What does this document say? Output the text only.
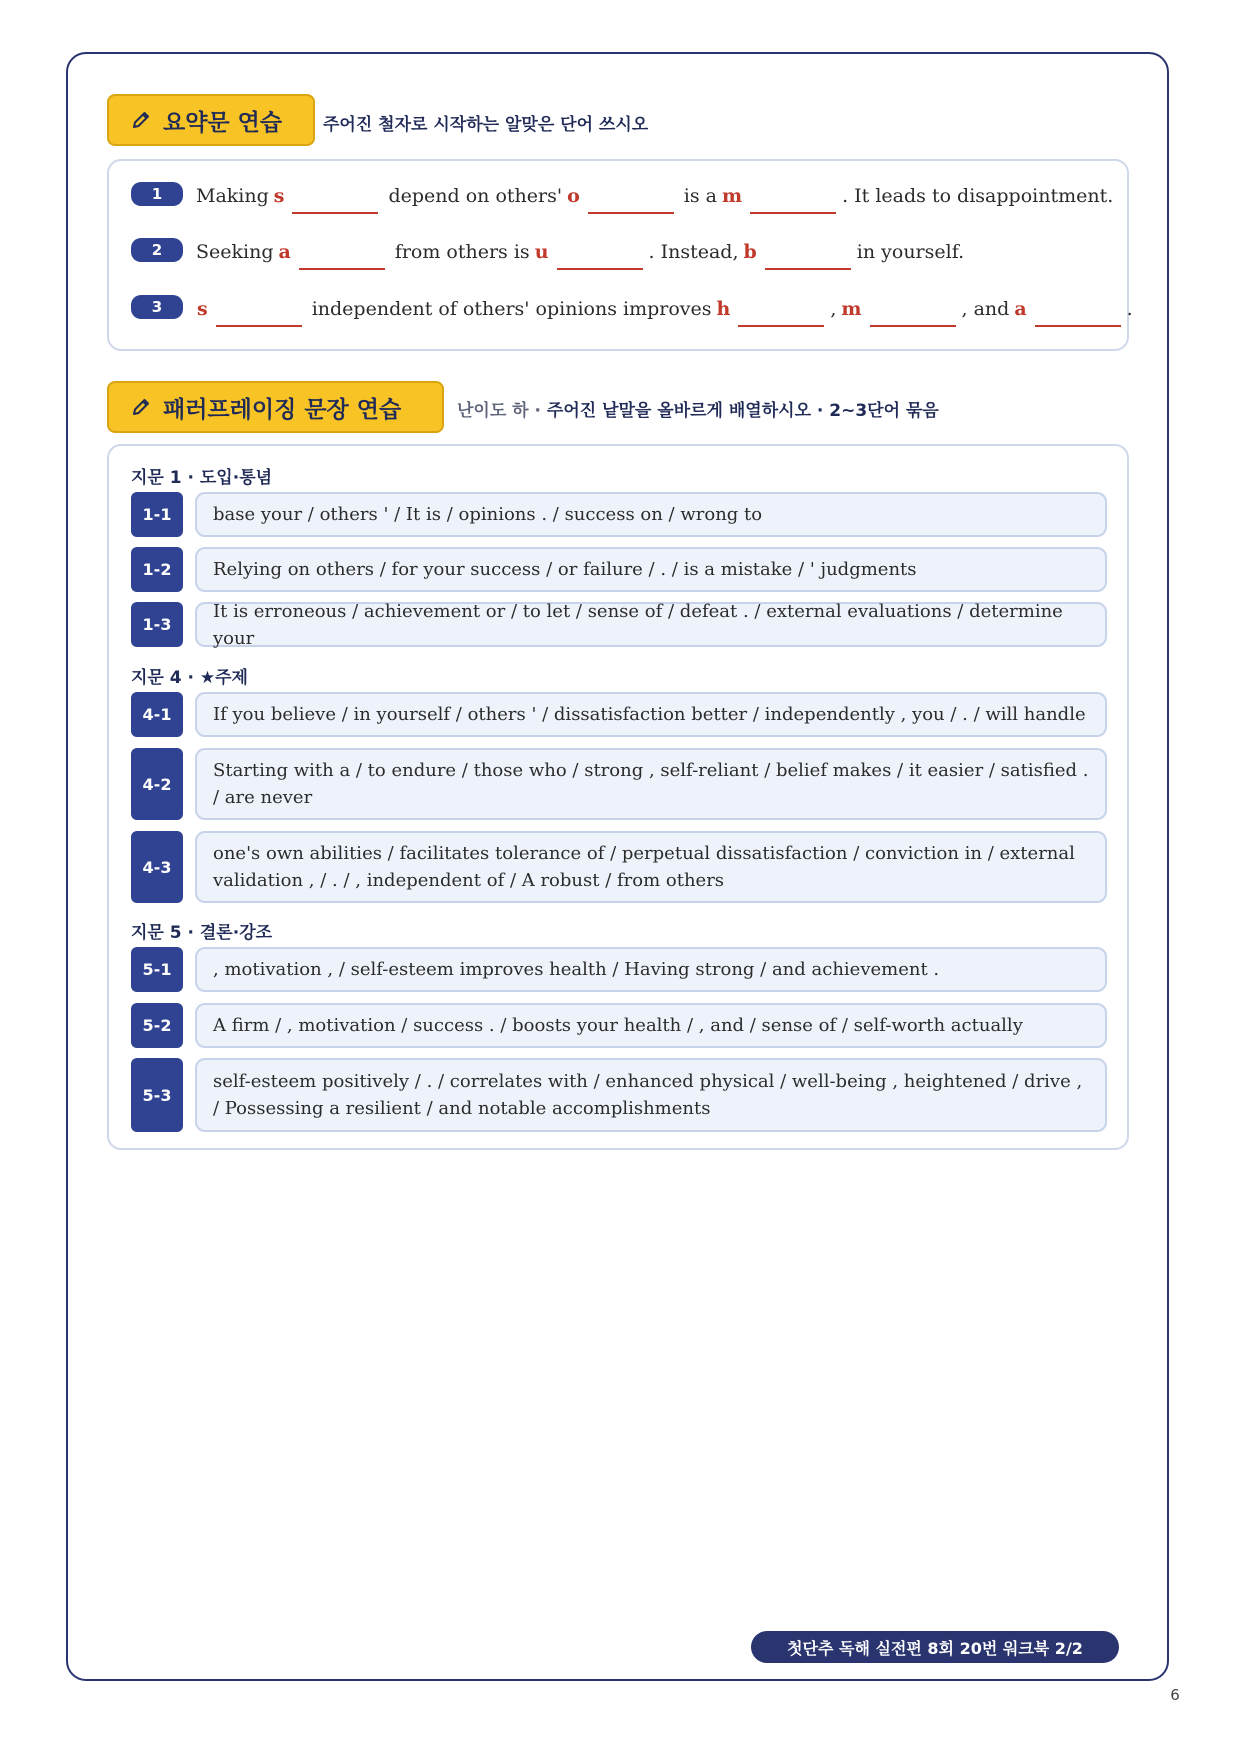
요약문 연습 주어진 철자로 시작하는 알맞은 단어 쓰시오
1	Making s	depend on others' o	is a m	. It leads to disappointment.
2	Seeking a	from others is u	. Instead, b	in yourself.
3	s	independent of others' opinions improves h	, m	, and a	.
패러프레이징 문장 연습	난이도 하 · 주어진 낱말을 올바르게 배열하시오 · 2~3단어 묶음
지문 1 · 도입·통념
1-1	base your / others ' / It is / opinions . / success on / wrong to
1-2	Relying on others / for your success / or failure / . / is a mistake / ' judgments
1-3
It is erroneous / achievement or / to let / sense of / defeat . / external evaluations / determine your
지문 4 · ★주제
4-1	If you believe / in yourself / others ' / dissatisfaction better / independently , you / . / will handle
4-2
Starting with a / to endure / those who / strong , self-reliant / belief makes / it easier / satisfied . / are never
4-3
one's own abilities / facilitates tolerance of / perpetual dissatisfaction / conviction in / external validation , / . / , independent of / A robust / from others
지문 5 · 결론·강조
5-1	, motivation , / self-esteem improves health / Having strong / and achievement .
5-2	A firm / , motivation / success . / boosts your health / , and / sense of / self-worth actually
5-3
self-esteem positively / . / correlates with / enhanced physical / well-being , heightened / drive , / Possessing a resilient / and notable accomplishments
첫단추 독해 실전편 8회 20번 워크북 2/2
6
